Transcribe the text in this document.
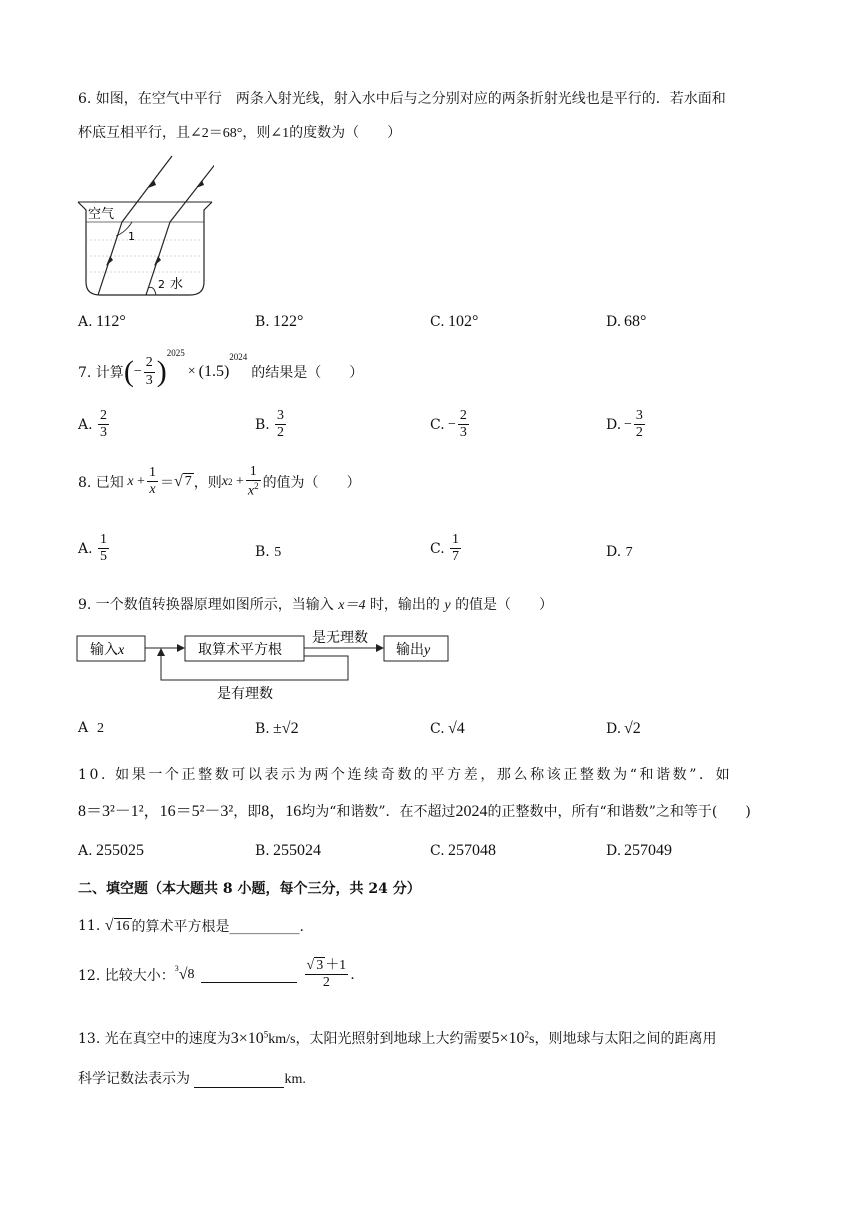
6. 如图，在空气中平行　两条入射光线，射入水中后与之分别对应的两条折射光线也是平行的．若水面和
杯底互相平行，且∠2＝68°，则∠1的度数为（　　）
空气
1
2 水
A. 112°	B. 122°	C. 102°	D. 68°
7. 计算 ( − $\frac{2}{3}$ )
2025
× (1.5)
2024
的结果是（　　）
A. $\frac{2}{3}$	B. $\frac{3}{2}$	C. − $\frac{2}{3}$	D. − $\frac{3}{2}$
8. 已知 $x + \frac{1}{x}$ ＝ √ 7 ，则 x $2 + \frac{1}{x^2}$ 的值为（　　）
A. $\frac{1}{5}$	B. 5	C. $\frac{1}{7}$	D. 7
9. 一个数值转换器原理如图所示，当输入 x＝4 时，输出的 y 的值是（　　）
输入x	取算术平方根
是无理数
输出y
是有理数
A 2	B. ±√2	C. √4	D. √2
10. 如果一个正整数可以表示为两个连续奇数的平方差，那么称该正整数为“和谐数”．如
8＝3²－1²，16＝5²－3²，即8，16均为“和谐数”．在不超过2024的正整数中，所有“和谐数”之和等于(　　)
A. 255025	B. 255024	C. 257048	D. 257049
二、填空题（本大题共 8 小题，每个三分，共 24 分）
11.
√ 16 的算术平方根是__________.
12. 比较大小： 3 √ 8
	$\frac{√ 3 +1}{2}$ .
13. 光在真空中的速度为$3\times 10^5km/s$，太阳光照射到地球上大约需要$5\times 10^2s$，则地球与太阳之间的距离用
科学记数法表示为	km.
